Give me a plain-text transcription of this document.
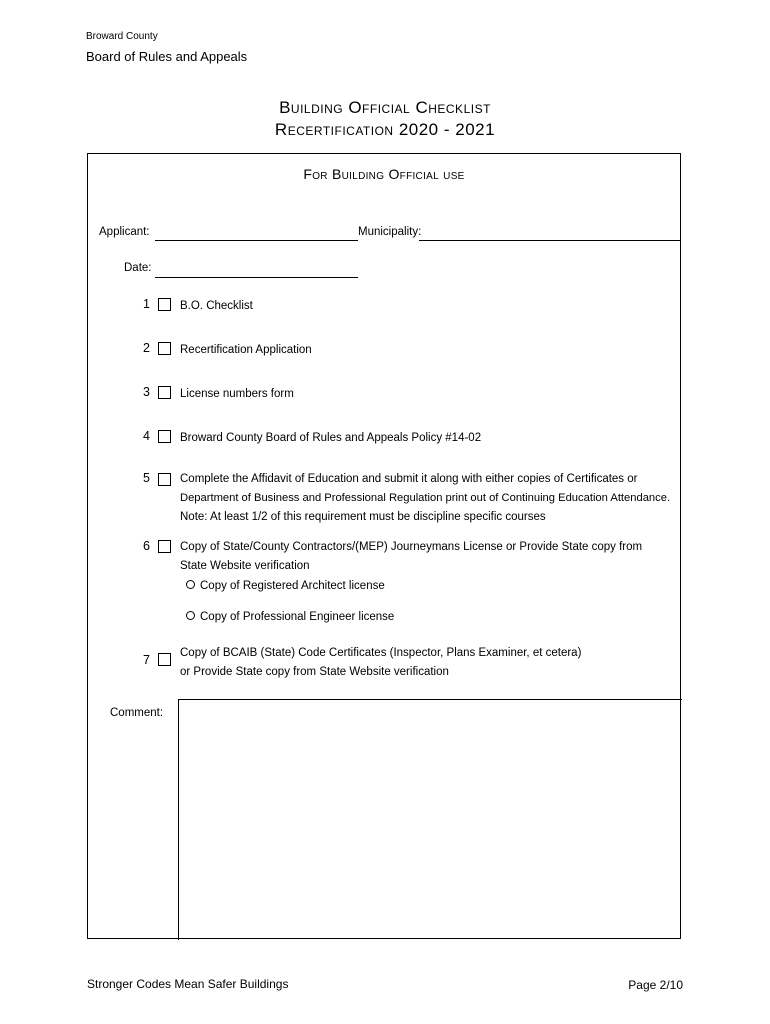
Broward County
Board of Rules and Appeals
Building Official Checklist
Recertification 2020 - 2021
For Building Official use
Applicant:	Municipality:
Date:
1	B.O. Checklist
2	Recertification Application
3	License numbers form
4	Broward County Board of Rules and Appeals Policy #14-02
5	Complete the Affidavit of Education and submit it along with either copies of Certificates or
Department of Business and Professional Regulation print out of Continuing Education Attendance.
Note: At least 1/2 of this requirement must be discipline specific courses
6	Copy of State/County Contractors/(MEP) Journeymans License or Provide State copy from
State Website verification
Copy of Registered Architect license
Copy of Professional Engineer license
7	Copy of BCAIB (State) Code Certificates (Inspector, Plans Examiner, et cetera)
or Provide State copy from State Website verification
Comment:
Stronger Codes Mean Safer Buildings	Page 2/10
